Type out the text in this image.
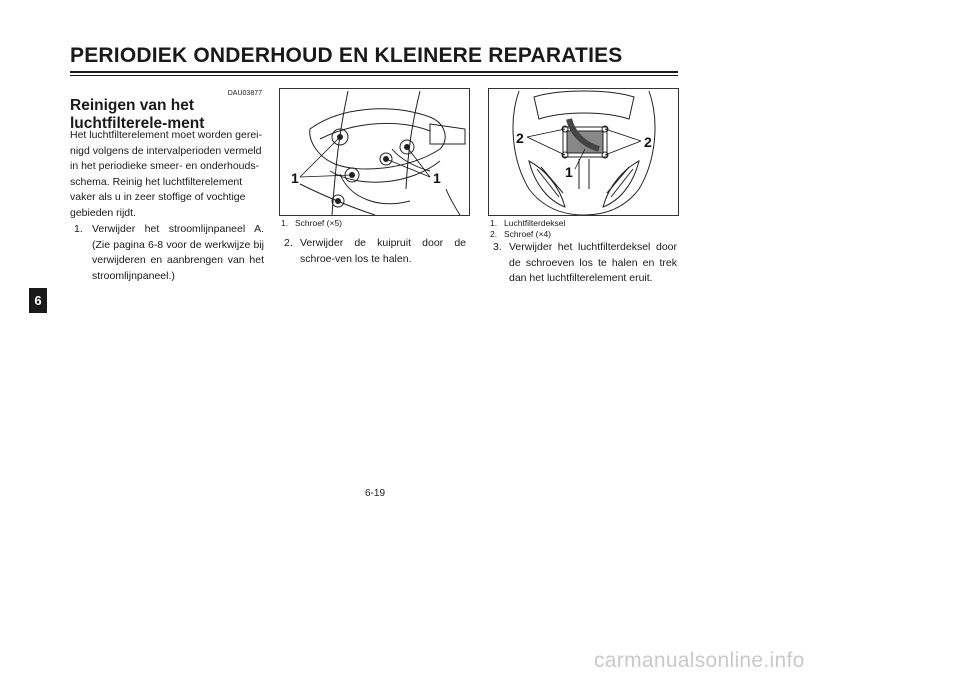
PERIODIEK ONDERHOUD EN KLEINERE REPARATIES
DAU03877
Reinigen van het luchtfilterele-ment
Het luchtfilterelement moet worden gerei-nigd volgens de intervalperioden vermeld in het periodieke smeer- en onderhouds-schema. Reinig het luchtfilterelement vaker als u in zeer stoffige of vochtige gebieden rijdt.
1. Verwijder het stroomlijnpaneel A. (Zie pagina 6-8 voor de werkwijze bij verwijderen en aanbrengen van het stroomlijnpaneel.)
1	1
1. Schroef (×5)
2. Verwijder de kuipruit door de schroe-ven los te halen.
2	2
1
1. Luchtfilterdeksel
2. Schroef (×4)
3. Verwijder het luchtfilterdeksel door de schroeven los te halen en trek dan het luchtfilterelement eruit.
6
6-19
carmanualsonline.info
